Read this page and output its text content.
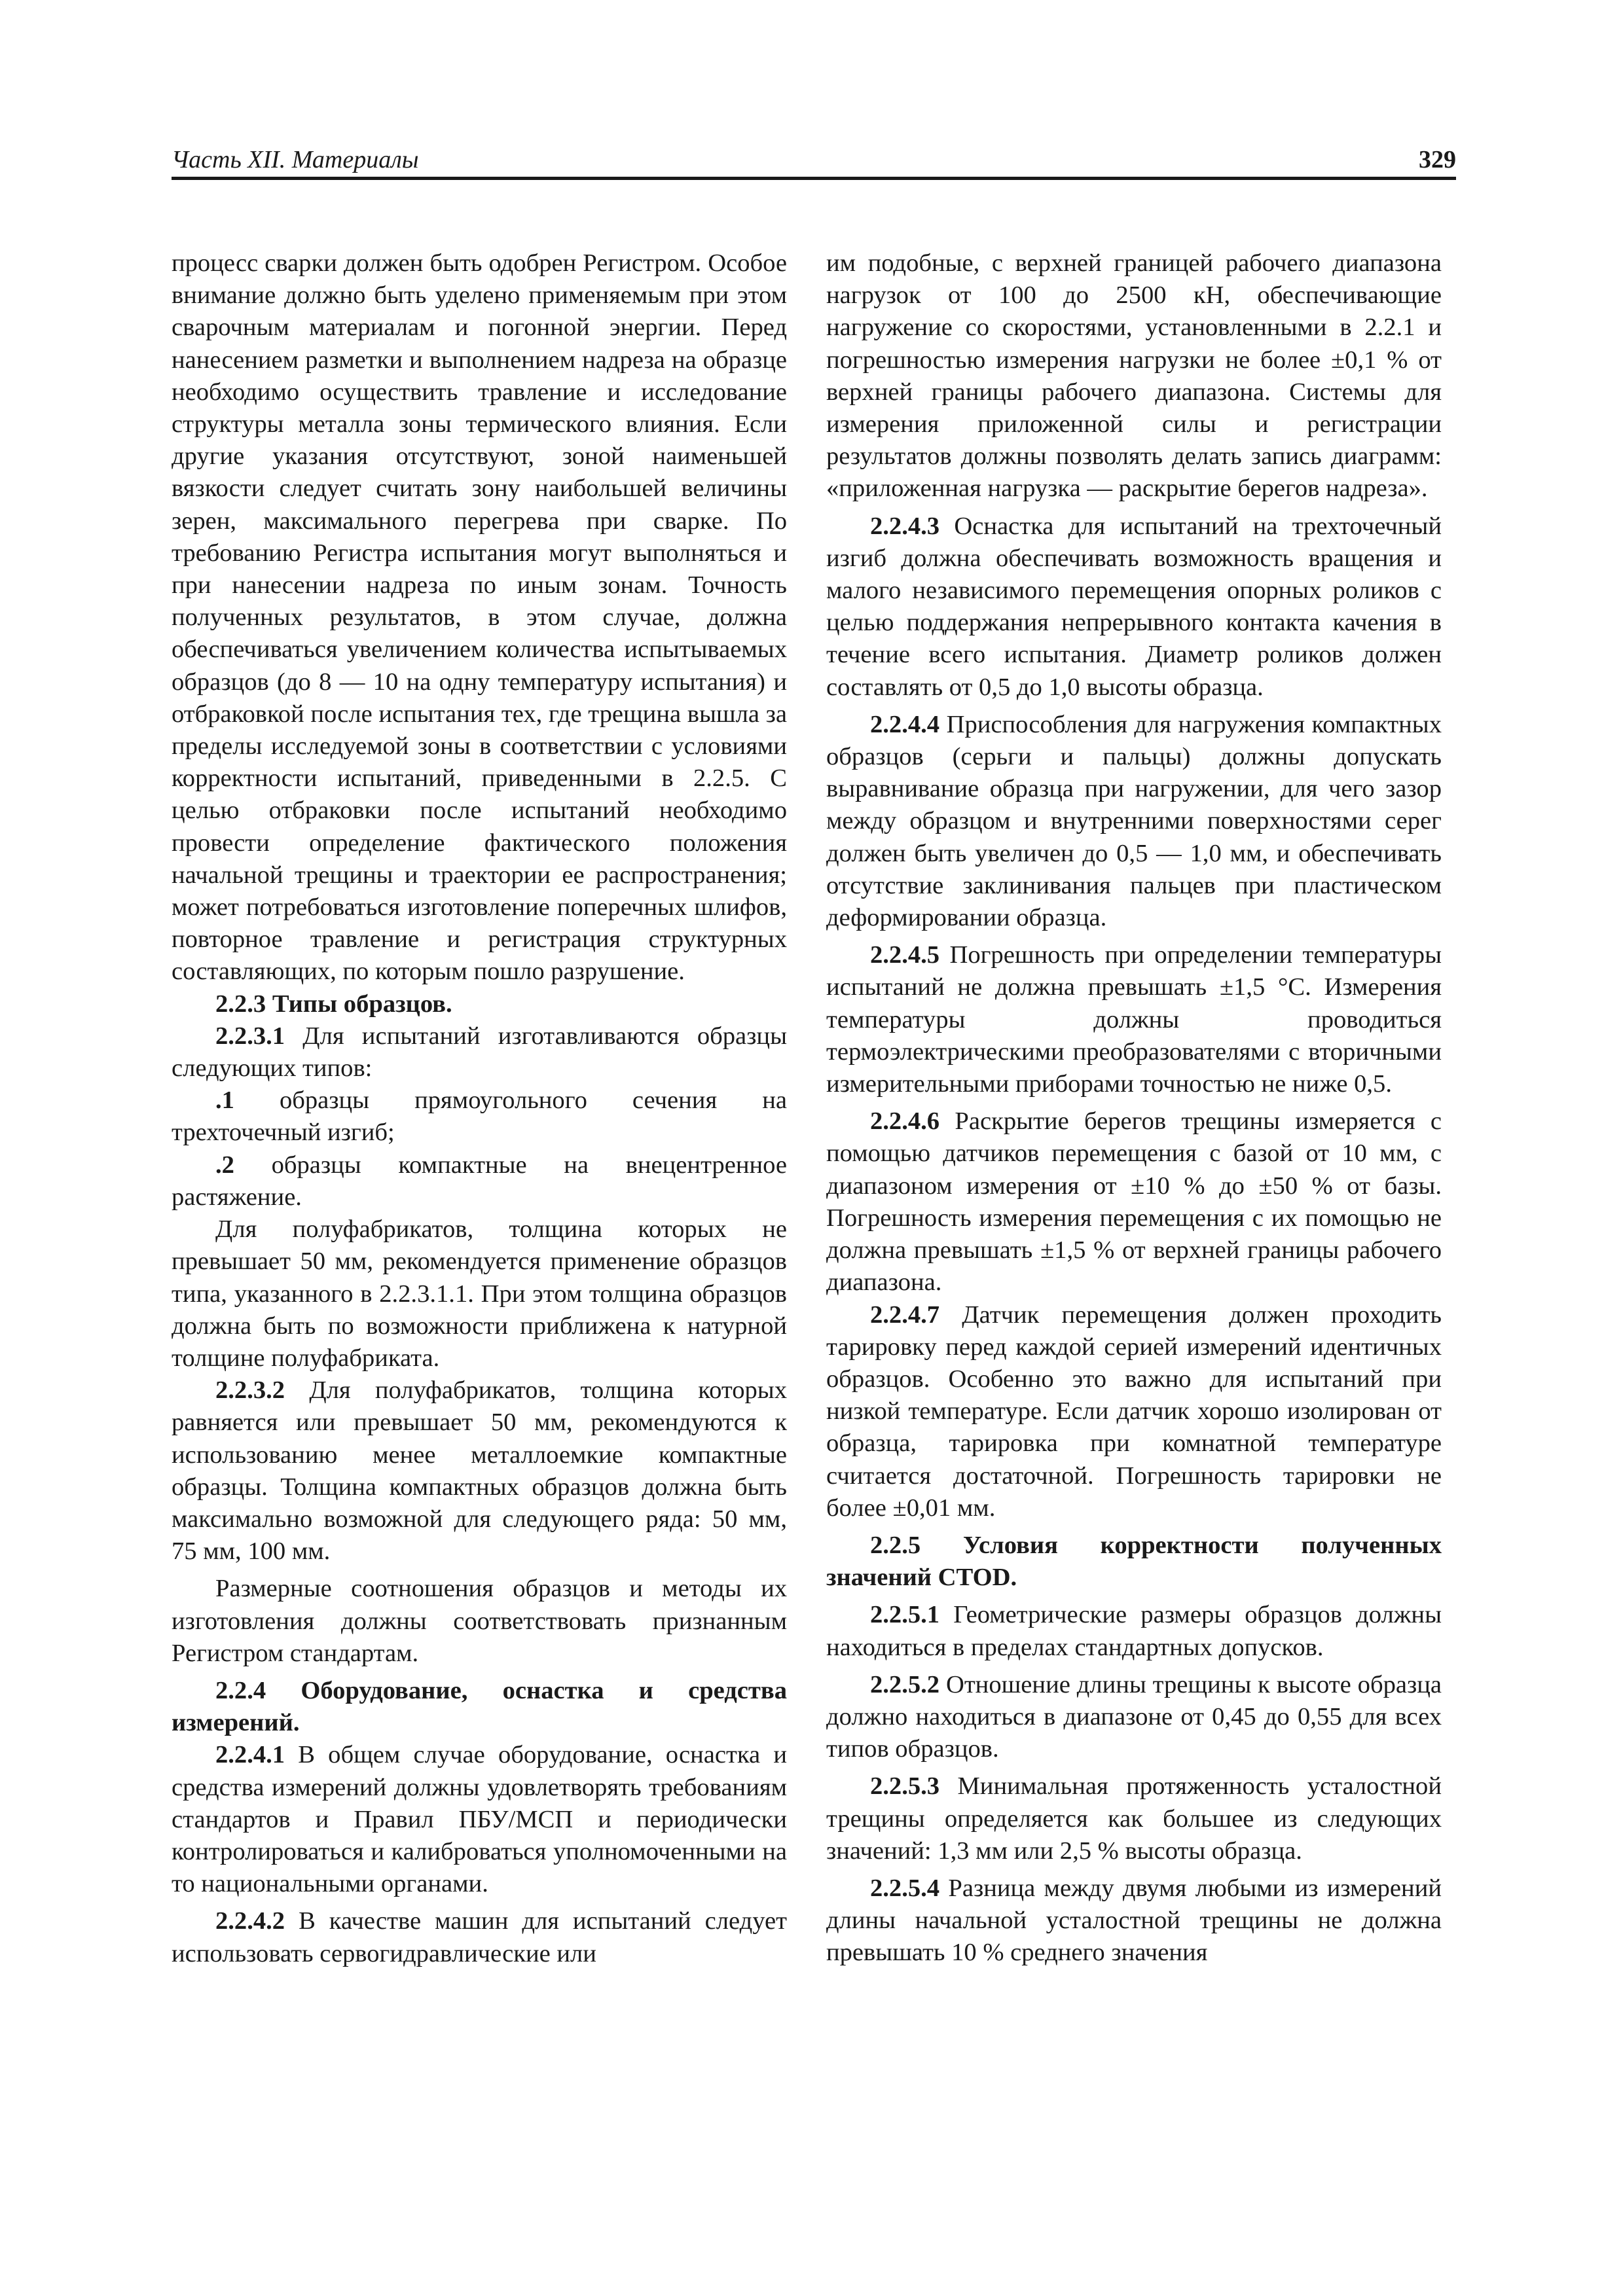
Часть XII. Материалы	329

процесс сварки должен быть одобрен Регистром. Особое внимание должно быть уделено применяемым при этом сварочным материалам и погонной энергии. Перед нанесением разметки и выполнением надреза на образце необходимо осуществить травление и исследование структуры металла зоны термического влияния. Если другие указания отсутствуют, зоной наименьшей вязкости следует считать зону наибольшей величины зерен, максимального перегрева при сварке. По требованию Регистра испытания могут выполняться и при нанесении надреза по иным зонам. Точность полученных результатов, в этом случае, должна обеспечиваться увеличением количества испытываемых образцов (до 8 — 10 на одну температуру испытания) и отбраковкой после испытания тех, где трещина вышла за пределы исследуемой зоны в соответствии с условиями корректности испытаний, приведенными в 2.2.5. С целью отбраковки после испытаний необходимо провести определение фактического положения начальной трещины и траектории ее распространения; может потребоваться изготовление поперечных шлифов, повторное травление и регистрация структурных составляющих, по которым пошло разрушение.

2.2.3 Типы образцов.

2.2.3.1 Для испытаний изготавливаются образцы следующих типов:

.1 образцы прямоугольного сечения на трехточечный изгиб;

.2 образцы компактные на внецентренное растяжение.

Для полуфабрикатов, толщина которых не превышает 50 мм, рекомендуется применение образцов типа, указанного в 2.2.3.1.1. При этом толщина образцов должна быть по возможности приближена к натурной толщине полуфабриката.

2.2.3.2 Для полуфабрикатов, толщина которых равняется или превышает 50 мм, рекомендуются к использованию менее металлоемкие компактные образцы. Толщина компактных образцов должна быть максимально возможной для следующего ряда: 50 мм, 75 мм, 100 мм.

Размерные соотношения образцов и методы их изготовления должны соответствовать признанным Регистром стандартам.

2.2.4 Оборудование, оснастка и средства измерений.

2.2.4.1 В общем случае оборудование, оснастка и средства измерений должны удовлетворять требованиям стандартов и Правил ПБУ/МСП и периодически контролироваться и калиброваться уполномоченными на то национальными органами.

2.2.4.2 В качестве машин для испытаний следует использовать сервогидравлические или

им подобные, с верхней границей рабочего диапазона нагрузок от 100 до 2500 кН, обеспечивающие нагружение со скоростями, установленными в 2.2.1 и погрешностью измерения нагрузки не более ±0,1 % от верхней границы рабочего диапазона. Системы для измерения приложенной силы и регистрации результатов должны позволять делать запись диаграмм: «приложенная нагрузка — раскрытие берегов надреза».

2.2.4.3 Оснастка для испытаний на трехточечный изгиб должна обеспечивать возможность вращения и малого независимого перемещения опорных роликов с целью поддержания непрерывного контакта качения в течение всего испытания. Диаметр роликов должен составлять от 0,5 до 1,0 высоты образца.

2.2.4.4 Приспособления для нагружения компактных образцов (серьги и пальцы) должны допускать выравнивание образца при нагружении, для чего зазор между образцом и внутренними поверхностями серег должен быть увеличен до 0,5 — 1,0 мм, и обеспечивать отсутствие заклинивания пальцев при пластическом деформировании образца.

2.2.4.5 Погрешность при определении температуры испытаний не должна превышать ±1,5 °С. Измерения температуры должны проводиться термоэлектрическими преобразователями с вторичными измерительными приборами точностью не ниже 0,5.

2.2.4.6 Раскрытие берегов трещины измеряется с помощью датчиков перемещения с базой от 10 мм, с диапазоном измерения от ±10 % до ±50 % от базы. Погрешность измерения перемещения с их помощью не должна превышать ±1,5 % от верхней границы рабочего диапазона.

2.2.4.7 Датчик перемещения должен проходить тарировку перед каждой серией измерений идентичных образцов. Особенно это важно для испытаний при низкой температуре. Если датчик хорошо изолирован от образца, тарировка при комнатной температуре считается достаточной. Погрешность тарировки не более ±0,01 мм.

2.2.5 Условия корректности полученных значений CTOD.

2.2.5.1 Геометрические размеры образцов должны находиться в пределах стандартных допусков.

2.2.5.2 Отношение длины трещины к высоте образца должно находиться в диапазоне от 0,45 до 0,55 для всех типов образцов.

2.2.5.3 Минимальная протяженность усталостной трещины определяется как большее из следующих значений: 1,3 мм или 2,5 % высоты образца.

2.2.5.4 Разница между двумя любыми из измерений длины начальной усталостной трещины не должна превышать 10 % среднего значения
